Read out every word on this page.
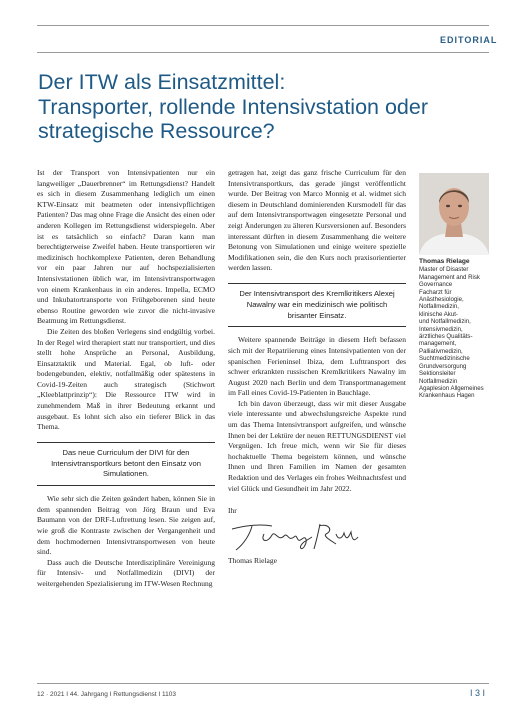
EDITORIAL
Der ITW als Einsatzmittel:
Transporter, rollende Intensivstation oder
strategische Ressource?

Ist der Transport von Intensivpatienten nur ein langweiliger „Dauerbrenner“ im Rettungsdienst? Handelt es sich in diesem Zusammenhang lediglich um einen KTW-Einsatz mit beatmeten oder intensivpflichtigen Patienten? Das mag ohne Frage die Ansicht des einen oder anderen Kollegen im Rettungsdienst widerspiegeln. Aber ist es tatsächlich so einfach? Daran kann man berechtigterweise Zweifel haben. Heute transportieren wir medizinisch hochkomplexe Patienten, deren Behandlung vor ein paar Jahren nur auf hochspezialisierten Intensivstationen üblich war, im Intensivtransportwagen von einem Krankenhaus in ein anderes. Impella, ECMO und Inkubatortransporte von Frühgeborenen sind heute ebenso Routine geworden wie zuvor die nicht-invasive Beatmung im Rettungsdienst.

Die Zeiten des bloßen Verlegens sind endgültig vorbei. In der Regel wird therapiert statt nur transportiert, und dies stellt hohe Ansprüche an Personal, Ausbildung, Einsatztaktik und Material. Egal, ob luft- oder bodengebunden, elektiv, notfallmäßig oder spätestens in Covid-19-Zeiten auch strategisch (Stichwort „Kleeblattprinzip“): Die Ressource ITW wird in zunehmendem Maß in ihrer Bedeutung erkannt und ausgebaut. Es lohnt sich also ein tieferer Blick in das Thema.

Das neue Curriculum der DIVI für den Intensivtransportkurs betont den Einsatz von Simulationen.

Wie sehr sich die Zeiten geändert haben, können Sie in dem spannenden Beitrag von Jörg Braun und Eva Baumann von der DRF-Luftrettung lesen. Sie zeigen auf, wie groß die Kontraste zwischen der Vergangenheit und dem hochmodernen Intensivtransportwesen von heute sind.

Dass auch die Deutsche Interdisziplinäre Vereinigung für Intensiv- und Notfallmedizin (DIVI) der weitergehenden Spezialisierung im ITW-Wesen Rechnung

getragen hat, zeigt das ganz frische Curriculum für den Intensivtransportkurs, das gerade jüngst veröffentlicht wurde. Der Beitrag von Marco Monnig et al. widmet sich diesem in Deutschland dominierenden Kursmodell für das auf dem Intensivtransportwagen eingesetzte Personal und zeigt Änderungen zu älteren Kursversionen auf. Besonders interessant dürften in diesem Zusammenhang die weitere Betonung von Simulationen und einige weitere spezielle Modifikationen sein, die den Kurs noch praxisorientierter werden lassen.

Der Intensivtransport des Kremlkritikers Alexej Nawalny war ein medizinisch wie politisch brisanter Einsatz.

Weitere spannende Beiträge in diesem Heft befassen sich mit der Repatriierung eines Intensivpatienten von der spanischen Ferieninsel Ibiza, dem Lufttransport des schwer erkrankten russischen Kremlkritikers Nawalny im August 2020 nach Berlin und dem Transportmanagement im Fall eines Covid-19-Patienten in Bauchlage.

Ich bin davon überzeugt, dass wir mit dieser Ausgabe viele interessante und abwechslungsreiche Aspekte rund um das Thema Intensivtransport aufgreifen, und wünsche Ihnen bei der Lektüre der neuen RETTUNGSDIENST viel Vergnügen. Ich freue mich, wenn wir Sie für dieses hochaktuelle Thema begeistern können, und wünsche Ihnen und Ihren Familien im Namen der gesamten Redaktion und des Verlages ein frohes Weihnachtsfest und viel Glück und Gesundheit im Jahr 2022.

Ihr

Thomas Rielage

Thomas Rielage
Master of Disaster
Management and Risk
Governance
Facharzt für
Anästhesiologie,
Notfallmedizin,
klinische Akut-
und Notfallmedizin,
Intensivmedizin,
ärztliches Qualitäts-
management,
Palliativmedizin,
Suchtmedizinische
Grundversorgung
Sektionsleiter
Notfallmedizin
Agaplesion Allgemeines
Krankenhaus Hagen
12 · 2021 I 44. Jahrgang I Rettungsdienst I 1103	I 3 I
